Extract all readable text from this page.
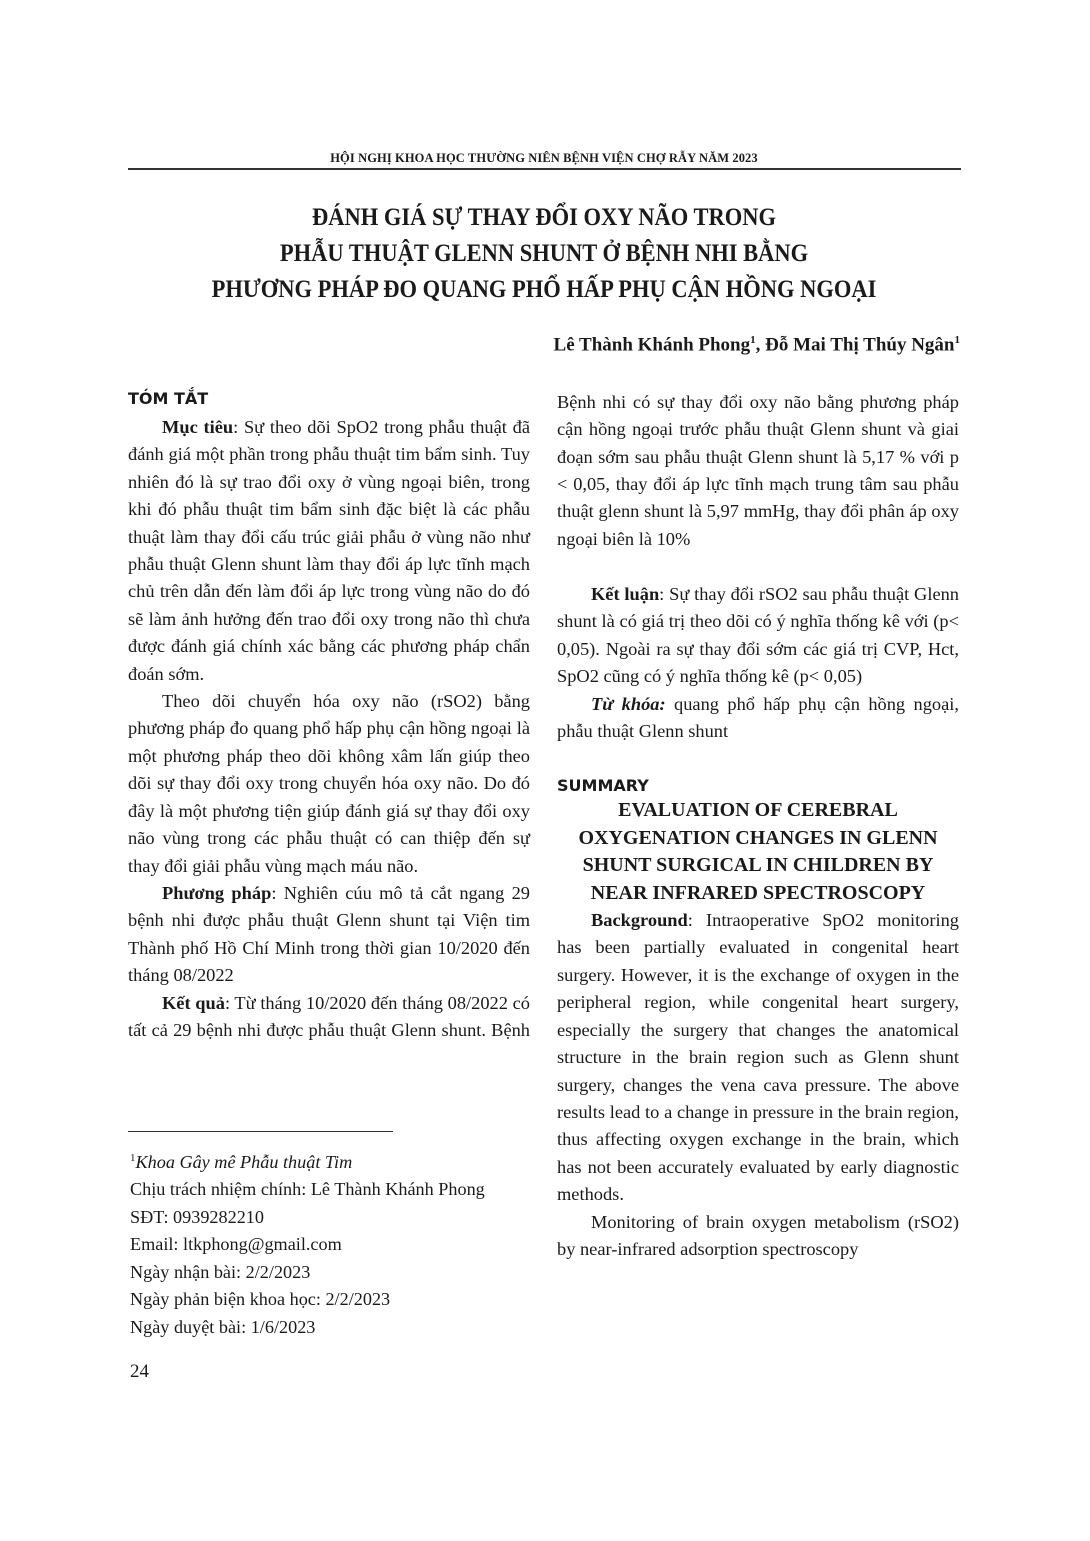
HỘI NGHỊ KHOA HỌC THƯỜNG NIÊN BỆNH VIỆN CHỢ RẪY NĂM 2023
ĐÁNH GIÁ SỰ THAY ĐỔI OXY NÃO TRONG
PHẪU THUẬT GLENN SHUNT Ở BỆNH NHI BẰNG
PHƯƠNG PHÁP ĐO QUANG PHỔ HẤP PHỤ CẬN HỒNG NGOẠI
Lê Thành Khánh Phong$^1$, Đỗ Mai Thị Thúy Ngân$^1$
TÓM TẮT

Mục tiêu: Sự theo dõi SpO2 trong phẫu thuật đã đánh giá một phần trong phẫu thuật tim bẩm sinh. Tuy nhiên đó là sự trao đổi oxy ở vùng ngoại biên, trong khi đó phẫu thuật tim bẩm sinh đặc biệt là các phẫu thuật làm thay đổi cấu trúc giải phẫu ở vùng não như phẫu thuật Glenn shunt làm thay đổi áp lực tĩnh mạch chủ trên dẫn đến làm đổi áp lực trong vùng não do đó sẽ làm ảnh hưởng đến trao đổi oxy trong não thì chưa được đánh giá chính xác bằng các phương pháp chẩn đoán sớm.

Theo dõi chuyển hóa oxy não (rSO2) bằng phương pháp đo quang phổ hấp phụ cận hồng ngoại là một phương pháp theo dõi không xâm lấn giúp theo dõi sự thay đổi oxy trong chuyển hóa oxy não. Do đó đây là một phương tiện giúp đánh giá sự thay đổi oxy não vùng trong các phẫu thuật có can thiệp đến sự thay đổi giải phẫu vùng mạch máu não.

Phương pháp: Nghiên cúu mô tả cắt ngang 29 bệnh nhi được phẫu thuật Glenn shunt tại Viện tim Thành phố Hồ Chí Minh trong thời gian 10/2020 đến tháng 08/2022

Kết quả: Từ tháng 10/2020 đến tháng 08/2022 có tất cả 29 bệnh nhi được phẫu thuật Glenn shunt. Bệnh

$^1$Khoa Gây mê Phẫu thuật Tim
Chịu trách nhiệm chính: Lê Thành Khánh Phong
SĐT: 0939282210
Email: ltkphong@gmail.com
Ngày nhận bài: 2/2/2023
Ngày phản biện khoa học: 2/2/2023
Ngày duyệt bài: 1/6/2023
24

Bệnh nhi có sự thay đổi oxy não bằng phương pháp cận hồng ngoại trước phẫu thuật Glenn shunt và giai đoạn sớm sau phẫu thuật Glenn shunt là 5,17 % với p < 0,05, thay đổi áp lực tĩnh mạch trung tâm sau phẫu thuật glenn shunt là 5,97 mmHg, thay đổi phân áp oxy ngoại biên là 10%

Kết luận: Sự thay đổi rSO2 sau phẫu thuật Glenn shunt là có giá trị theo dõi có ý nghĩa thống kê với (p< 0,05). Ngoài ra sự thay đổi sớm các giá trị CVP, Hct, SpO2 cũng có ý nghĩa thống kê (p< 0,05)

Từ khóa: quang phổ hấp phụ cận hồng ngoại, phẫu thuật Glenn shunt

SUMMARY
EVALUATION OF CEREBRAL OXYGENATION CHANGES IN GLENN SHUNT SURGICAL IN CHILDREN BY NEAR INFRARED SPECTROSCOPY

Background: Intraoperative SpO2 monitoring has been partially evaluated in congenital heart surgery. However, it is the exchange of oxygen in the peripheral region, while congenital heart surgery, especially the surgery that changes the anatomical structure in the brain region such as Glenn shunt surgery, changes the vena cava pressure. The above results lead to a change in pressure in the brain region, thus affecting oxygen exchange in the brain, which has not been accurately evaluated by early diagnostic methods.

Monitoring of brain oxygen metabolism (rSO2) by near-infrared adsorption spectroscopy
